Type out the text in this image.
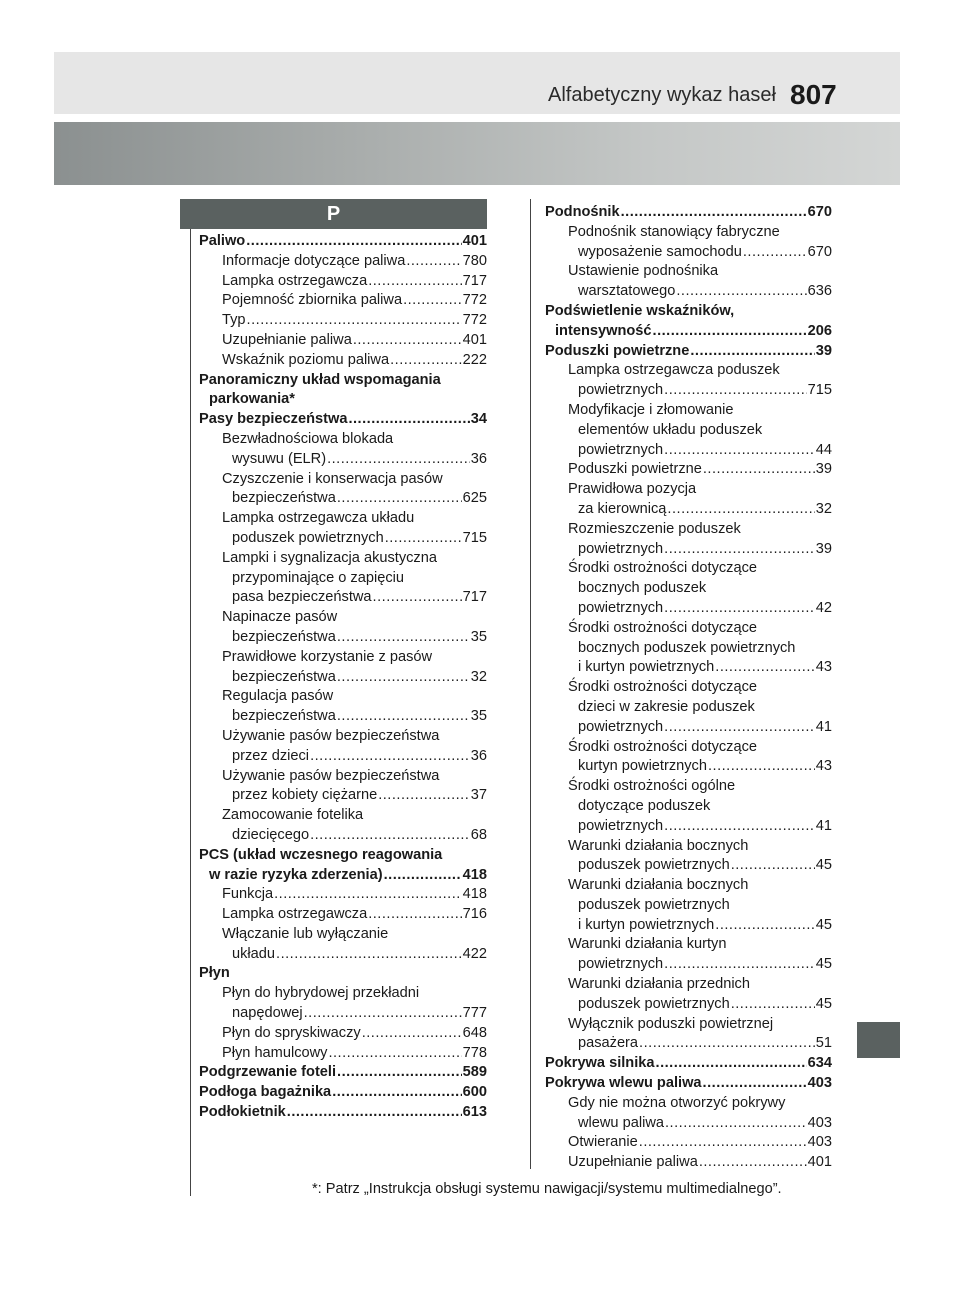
Alfabetyczny wykaz haseł 807
P
Paliwo .....	401
Informacje dotyczące paliwa .....	780
Lampka ostrzegawcza .....	717
Pojemność zbiornika paliwa .....	772
Typ .....	772
Uzupełnianie paliwa .....	401
Wskaźnik poziomu paliwa .....	222
Panoramiczny układ wspomagania
parkowania*
Pasy bezpieczeństwa .....	34
Bezwładnościowa blokada
wysuwu (ELR) .....	36
Czyszczenie i konserwacja pasów
bezpieczeństwa .....	625
Lampka ostrzegawcza układu
poduszek powietrznych .....	715
Lampki i sygnalizacja akustyczna
przypominające o zapięciu
pasa bezpieczeństwa .....	717
Napinacze pasów
bezpieczeństwa .....	35
Prawidłowe korzystanie z pasów
bezpieczeństwa .....	32
Regulacja pasów
bezpieczeństwa .....	35
Używanie pasów bezpieczeństwa
przez dzieci .....	36
Używanie pasów bezpieczeństwa
przez kobiety ciężarne .....	37
Zamocowanie fotelika
dziecięcego .....	68
PCS (układ wczesnego reagowania
w razie ryzyka zderzenia) .....	418
Funkcja .....	418
Lampka ostrzegawcza .....	716
Włączanie lub wyłączanie
układu .....	422
Płyn
Płyn do hybrydowej przekładni
napędowej .....	777
Płyn do spryskiwaczy .....	648
Płyn hamulcowy .....	778
Podgrzewanie foteli .....	589
Podłoga bagażnika .....	600
Podłokietnik .....	613
Podnośnik .....	670
Podnośnik stanowiący fabryczne
wyposażenie samochodu .....	670
Ustawienie podnośnika
warsztatowego .....	636
Podświetlenie wskaźników,
intensywność .....	206
Poduszki powietrzne .....	39
Lampka ostrzegawcza poduszek
powietrznych .....	715
Modyfikacje i złomowanie
elementów układu poduszek
powietrznych .....	44
Poduszki powietrzne .....	39
Prawidłowa pozycja
za kierownicą .....	32
Rozmieszczenie poduszek
powietrznych .....	39
Środki ostrożności dotyczące
bocznych poduszek
powietrznych .....	42
Środki ostrożności dotyczące
bocznych poduszek powietrznych
i kurtyn powietrznych .....	43
Środki ostrożności dotyczące
dzieci w zakresie poduszek
powietrznych .....	41
Środki ostrożności dotyczące
kurtyn powietrznych .....	43
Środki ostrożności ogólne
dotyczące poduszek
powietrznych .....	41
Warunki działania bocznych
poduszek powietrznych .....	45
Warunki działania bocznych
poduszek powietrznych
i kurtyn powietrznych .....	45
Warunki działania kurtyn
powietrznych .....	45
Warunki działania przednich
poduszek powietrznych .....	45
Wyłącznik poduszki powietrznej
pasażera .....	51
Pokrywa silnika .....	634
Pokrywa wlewu paliwa .....	403
Gdy nie można otworzyć pokrywy
wlewu paliwa .....	403
Otwieranie .....	403
Uzupełnianie paliwa .....	401
*: Patrz „Instrukcja obsługi systemu nawigacji/systemu multimedialnego”.
